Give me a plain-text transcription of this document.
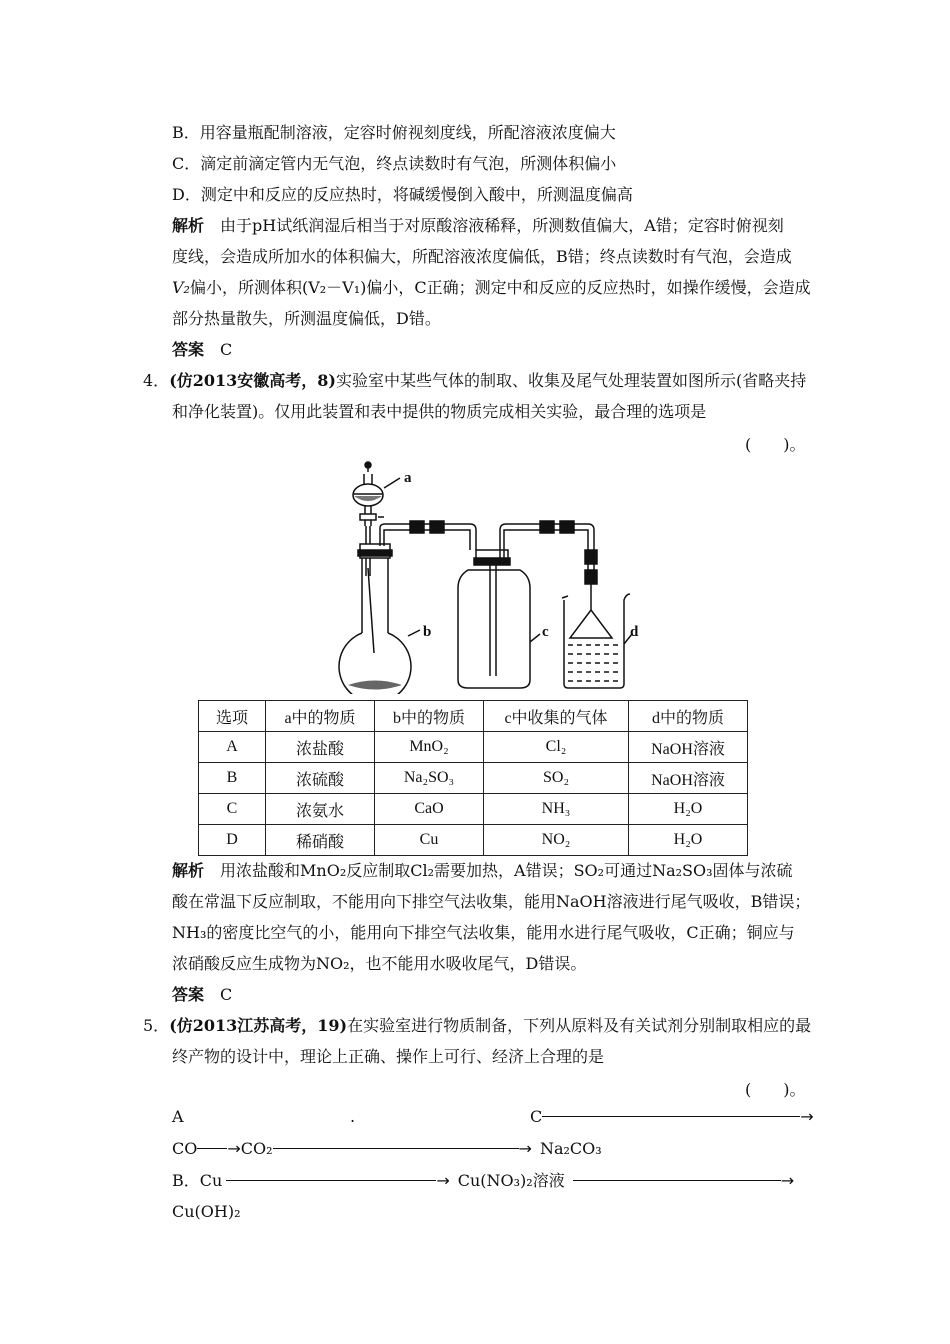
B．用容量瓶配制溶液，定容时俯视刻度线，所配溶液浓度偏大
C．滴定前滴定管内无气泡，终点读数时有气泡，所测体积偏小
D．测定中和反应的反应热时，将碱缓慢倒入酸中，所测温度偏高
解析　 由于pH试纸润湿后相当于对原酸溶液稀释，所测数值偏大，A错；定容时俯视刻
度线，会造成所加水的体积偏大，所配溶液浓度偏低，B错；终点读数时有气泡，会造成
V₂偏小，所测体积(V₂－V₁)偏小，C正确；测定中和反应的反应热时，如操作缓慢，会造成
部分热量散失，所测温度偏低，D错。
答案　 C
4．(仿2013安徽高考，8)实验室中某些气体的制取、收集及尾气处理装置如图所示(省略夹持
和净化装置)。仅用此装置和表中提供的物质完成相关实验，最合理的选项是
(　　)。
a
b	c	d
选项	a中的物质	b中的物质	c中收集的气体	d中的物质
A	浓盐酸	MnO₂	Cl₂	NaOH溶液
B	浓硫酸	Na₂SO₃	SO₂	NaOH溶液
C	浓氨水	CaO	NH₃	H₂O
D	稀硝酸	Cu	NO₂	H₂O
解析　 用浓盐酸和MnO₂反应制取Cl₂需要加热，A错误；SO₂可通过Na₂SO₃固体与浓硫
酸在常温下反应制取，不能用向下排空气法收集，能用NaOH溶液进行尾气吸收，B错误；
NH₃的密度比空气的小，能用向下排空气法收集，能用水进行尾气吸收，C正确；铜应与
浓硝酸反应生成物为NO₂，也不能用水吸收尾气，D错误。
答案　 C
5．(仿2013江苏高考，19)在实验室进行物质制备，下列从原料及有关试剂分别制取相应的最
终产物的设计中，理论上正确、操作上可行、经济上合理的是
(　　)。
A	.	C	→
CO →CO₂	→  Na₂CO₃
B．Cu	→  Cu(NO₃)₂溶液 	→
Cu(OH)₂
